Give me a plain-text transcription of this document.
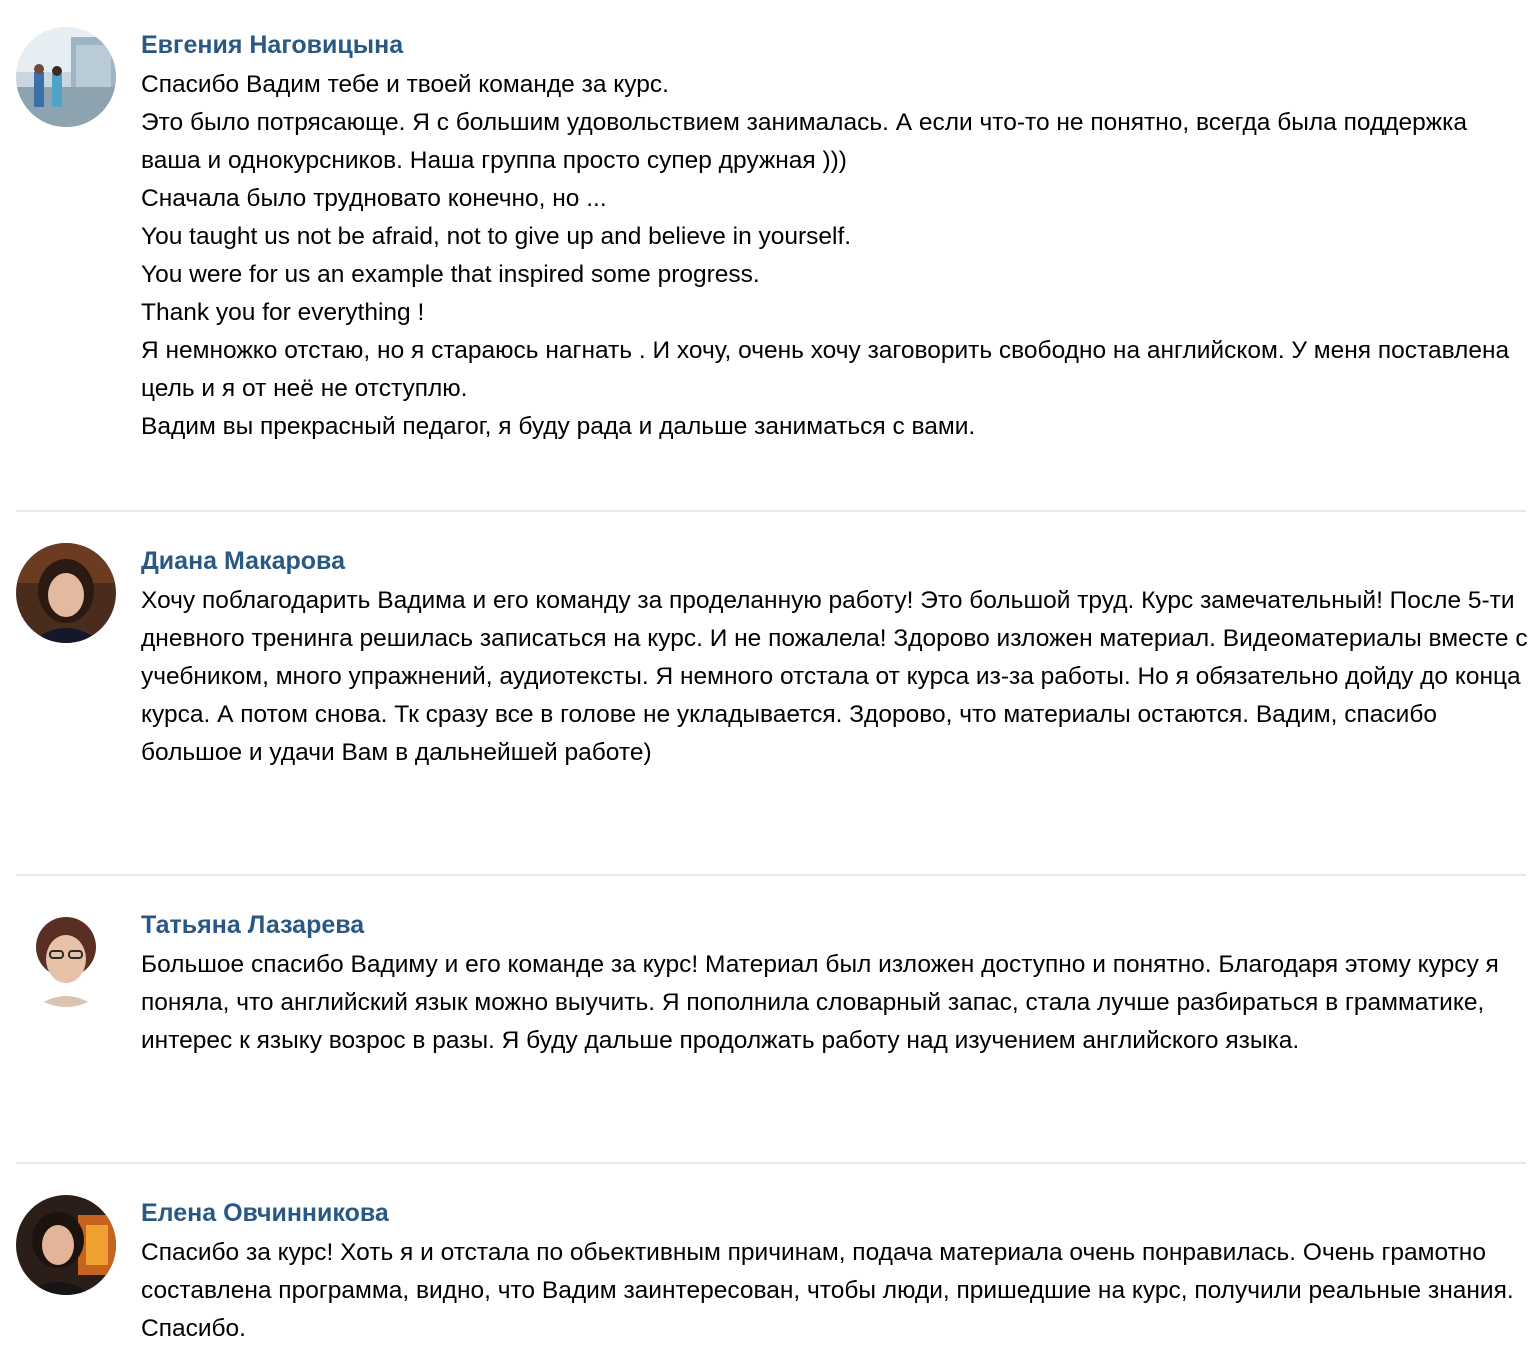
Евгения Наговицына

Спасибо Вадим тебе и твоей команде за курс.

Это было потрясающе. Я с большим удовольствием занималась. А если что-то не понятно, всегда была поддержка ваша и однокурсников. Наша группа просто супер дружная )))

Сначала было трудновато конечно, но ...

You taught us not be afraid, not to give up and believe in yourself.

You were for us an example that inspired some progress.

Thank you for everything !

Я немножко отстаю, но я стараюсь нагнать . И хочу, очень хочу заговорить свободно на английском. У меня поставлена цель и я от неё не отступлю.

Вадим вы прекрасный педагог, я буду рада и дальше заниматься с вами.

Диана Макарова

Хочу поблагодарить Вадима и его команду за проделанную работу! Это большой труд. Курс замечательный! После 5-ти дневного тренинга решилась записаться на курс. И не пожалела! Здорово изложен материал. Видеоматериалы вместе с учебником, много упражнений, аудиотексты. Я немного отстала от курса из-за работы. Но я обязательно дойду до конца курса. А потом снова. Тк сразу все в голове не укладывается. Здорово, что материалы остаются. Вадим, спасибо большое и удачи Вам в дальнейшей работе)

Татьяна Лазарева

Большое спасибо Вадиму и его команде за курс! Материал был изложен доступно и понятно. Благодаря этому курсу я поняла, что английский язык можно выучить. Я пополнила словарный запас, стала лучше разбираться в грамматике, интерес к языку возрос в разы. Я буду дальше продолжать работу над изучением английского языка.

Елена Овчинникова

Спасибо за курс! Хоть я и отстала по обьективным причинам, подача материала очень понравилась. Очень грамотно составлена программа, видно, что Вадим заинтересован, чтобы люди, пришедшие на курс, получили реальные знания. Спасибо.
